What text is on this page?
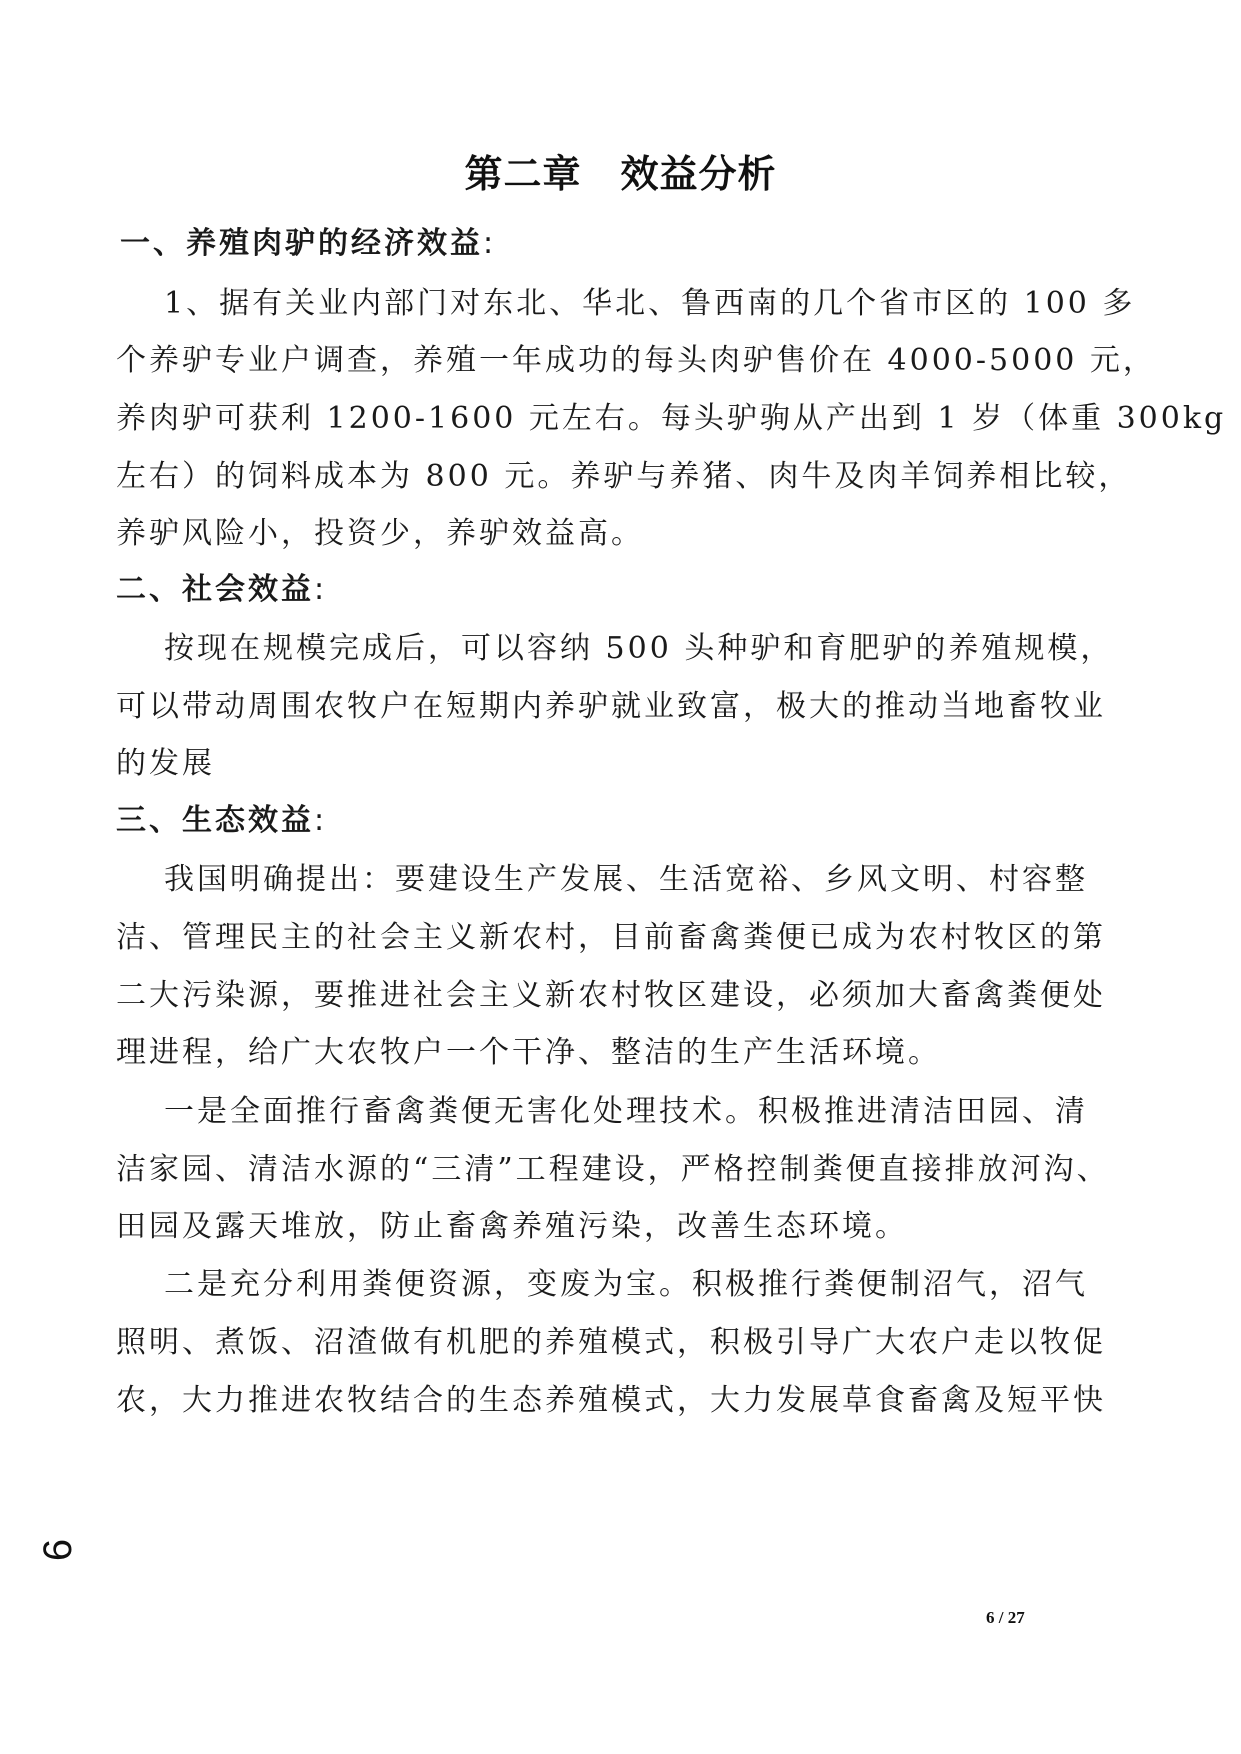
第二章　效益分析
一、养殖肉驴的经济效益:
1、据有关业内部门对东北、华北、鲁西南的几个省市区的 100 多
个养驴专业户调查，养殖一年成功的每头肉驴售价在 4000-5000 元，
养肉驴可获利 1200-1600 元左右。每头驴驹从产出到 1 岁（体重 300kg
左右）的饲料成本为 800 元。养驴与养猪、肉牛及肉羊饲养相比较，
养驴风险小，投资少，养驴效益高。
二、社会效益:
按现在规模完成后，可以容纳 500 头种驴和育肥驴的养殖规模，
可以带动周围农牧户在短期内养驴就业致富，极大的推动当地畜牧业
的发展
三、生态效益:
我国明确提出：要建设生产发展、生活宽裕、乡风文明、村容整
洁、管理民主的社会主义新农村，目前畜禽粪便已成为农村牧区的第
二大污染源，要推进社会主义新农村牧区建设，必须加大畜禽粪便处
理进程，给广大农牧户一个干净、整洁的生产生活环境。
一是全面推行畜禽粪便无害化处理技术。积极推进清洁田园、清
洁家园、清洁水源的“三清”工程建设，严格控制粪便直接排放河沟、
田园及露天堆放，防止畜禽养殖污染，改善生态环境。
二是充分利用粪便资源，变废为宝。积极推行粪便制沼气，沼气
照明、煮饭、沼渣做有机肥的养殖模式，积极引导广大农户走以牧促
农，大力推进农牧结合的生态养殖模式，大力发展草食畜禽及短平快
6
6 / 27
